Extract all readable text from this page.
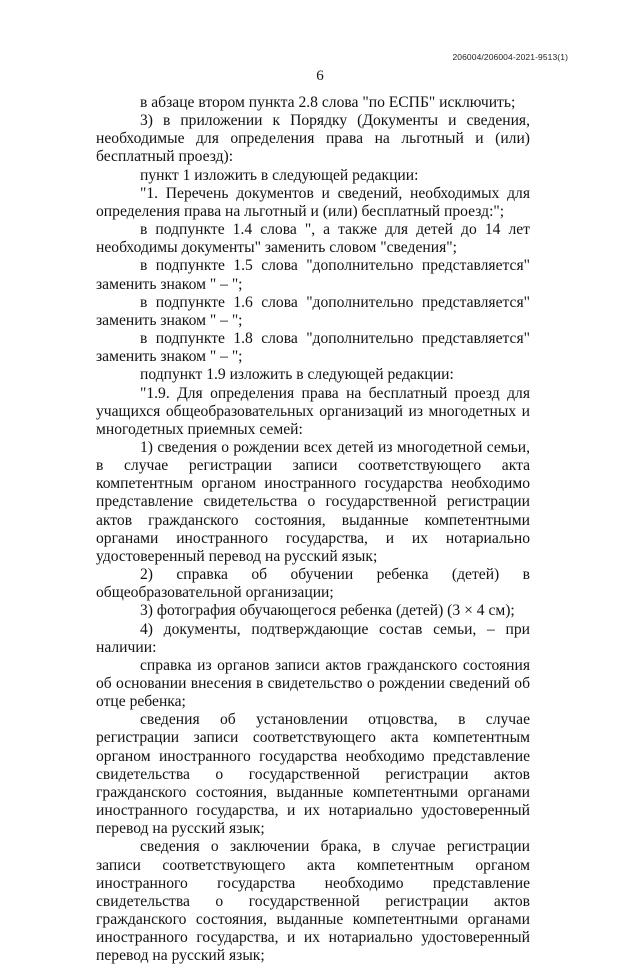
206004/206004-2021-9513(1)
6

в абзаце втором пункта 2.8 слова "по ЕСПБ" исключить;

3) в приложении к Порядку (Документы и сведения, необходимые для определения права на льготный и (или) бесплатный проезд):

пункт 1 изложить в следующей редакции:

"1. Перечень документов и сведений, необходимых для определения права на льготный и (или) бесплатный проезд:";

в подпункте 1.4 слова ", а также для детей до 14 лет необходимы документы" заменить словом "сведения";

в подпункте 1.5 слова "дополнительно представляется" заменить знаком " – ";

в подпункте 1.6 слова "дополнительно представляется" заменить знаком " – ";

в подпункте 1.8 слова "дополнительно представляется" заменить знаком " – ";

подпункт 1.9 изложить в следующей редакции:

"1.9. Для определения права на бесплатный проезд для учащихся общеобразовательных организаций из многодетных и многодетных приемных семей:

1) сведения о рождении всех детей из многодетной семьи, в случае регистрации записи соответствующего акта компетентным органом иностранного государства необходимо представление свидетельства о государственной регистрации актов гражданского состояния, выданные компетентными органами иностранного государства, и их нотариально удостоверенный перевод на русский язык;

2) справка об обучении ребенка (детей) в общеобразовательной организации;

3) фотография обучающегося ребенка (детей) (3 × 4 см);

4) документы, подтверждающие состав семьи, – при наличии:

справка из органов записи актов гражданского состояния об основании внесения в свидетельство о рождении сведений об отце ребенка;

сведения об установлении отцовства, в случае регистрации записи соответствующего акта компетентным органом иностранного государства необходимо представление свидетельства о государственной регистрации актов гражданского состояния, выданные компетентными органами иностранного государства, и их нотариально удостоверенный перевод на русский язык;

сведения о заключении брака, в случае регистрации записи соответствующего акта компетентным органом иностранного государства необходимо представление свидетельства о государственной регистрации актов гражданского состояния, выданные компетентными органами иностранного государства, и их нотариально удостоверенный перевод на русский язык;
